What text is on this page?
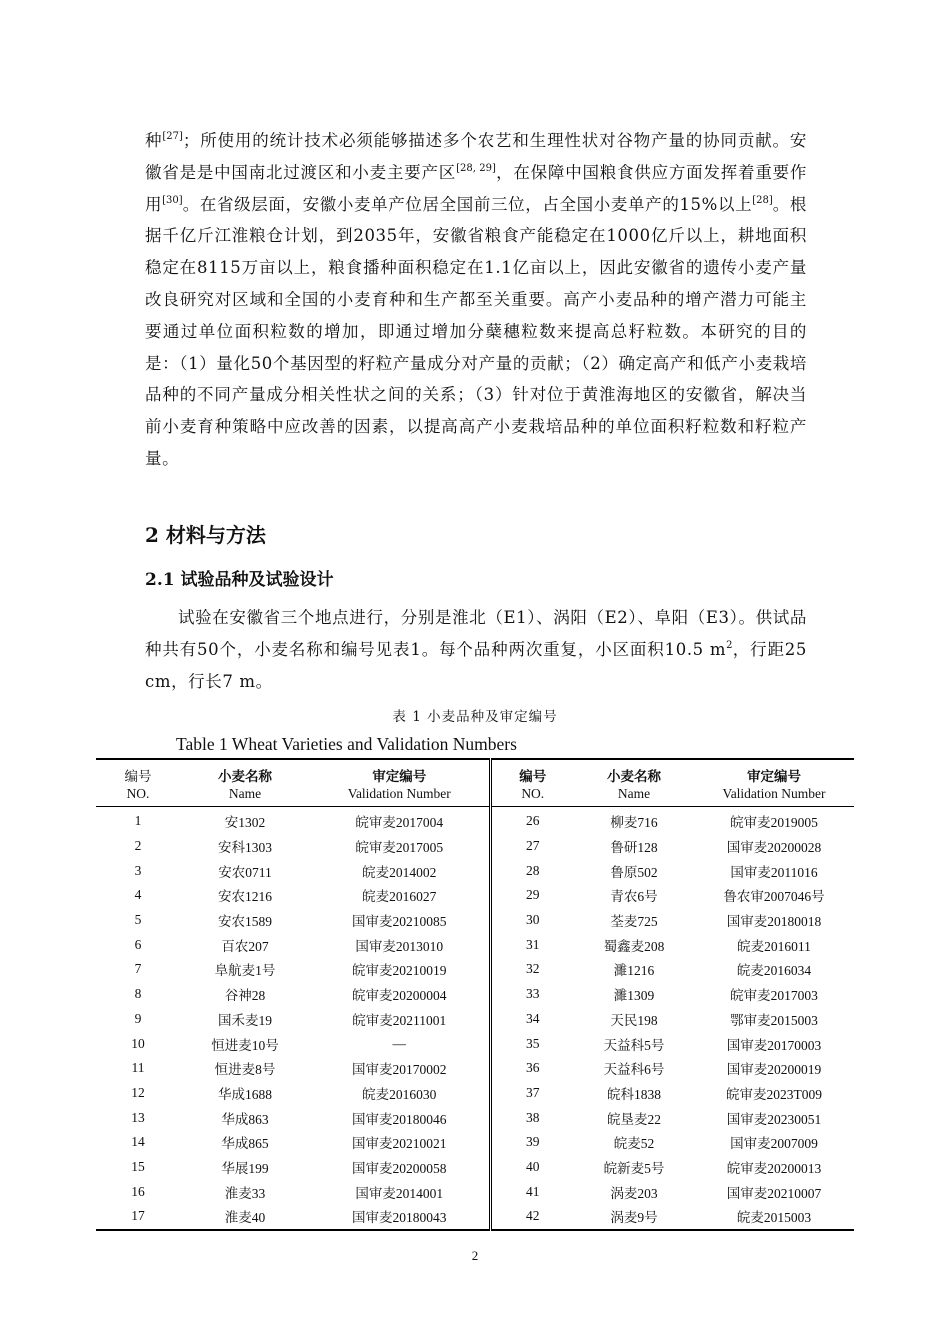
种[27]；所使用的统计技术必须能够描述多个农艺和生理性状对谷物产量的协同贡献。安徽省是是中国南北过渡区和小麦主要产区[28, 29]，在保障中国粮食供应方面发挥着重要作用[30]。在省级层面，安徽小麦单产位居全国前三位，占全国小麦单产的15%以上[28]。根据千亿斤江淮粮仓计划，到2035年，安徽省粮食产能稳定在1000亿斤以上，耕地面积稳定在8115万亩以上，粮食播种面积稳定在1.1亿亩以上，因此安徽省的遗传小麦产量改良研究对区域和全国的小麦育种和生产都至关重要。高产小麦品种的增产潜力可能主要通过单位面积粒数的增加，即通过增加分蘖穗粒数来提高总籽粒数。本研究的目的是：（1）量化50个基因型的籽粒产量成分对产量的贡献；（2）确定高产和低产小麦栽培品种的不同产量成分相关性状之间的关系；（3）针对位于黄淮海地区的安徽省，解决当前小麦育种策略中应改善的因素，以提高高产小麦栽培品种的单位面积籽粒数和籽粒产量。

2 材料与方法
2.1 试验品种及试验设计

试验在安徽省三个地点进行，分别是淮北（E1）、涡阳（E2）、阜阳（E3）。供试品种共有50个，小麦名称和编号见表1。每个品种两次重复，小区面积10.5 $m^2$，行距25 cm，行长7 m。

表 1 小麦品种及审定编号

Table 1 Wheat Varieties and Validation Numbers

编号	小麦名称	审定编号	编号	小麦名称	审定编号
NO.	Name	Validation Number	NO.	Name	Validation Number
1	安1302	皖审麦2017004	26	柳麦716	皖审麦2019005
2	安科1303	皖审麦2017005	27	鲁研128	国审麦20200028
3	安农0711	皖麦2014002	28	鲁原502	国审麦2011016
4	安农1216	皖麦2016027	29	青农6号	鲁农审2007046号
5	安农1589	国审麦20210085	30	荃麦725	国审麦20180018
6	百农207	国审麦2013010	31	蜀鑫麦208	皖麦2016011
7	阜航麦1号	皖审麦20210019	32	濉1216	皖麦2016034
8	谷神28	皖审麦20200004	33	濉1309	皖审麦2017003
9	国禾麦19	皖审麦20211001	34	天民198	鄂审麦2015003
10	恒进麦10号	—	35	天益科5号	国审麦20170003
11	恒进麦8号	国审麦20170002	36	天益科6号	国审麦20200019
12	华成1688	皖麦2016030	37	皖科1838	皖审麦2023T009
13	华成863	国审麦20180046	38	皖垦麦22	国审麦20230051
14	华成865	国审麦20210021	39	皖麦52	国审麦2007009
15	华展199	国审麦20200058	40	皖新麦5号	皖审麦20200013
16	淮麦33	国审麦2014001	41	涡麦203	国审麦20210007
17	淮麦40	国审麦20180043	42	涡麦9号	皖麦2015003

2
